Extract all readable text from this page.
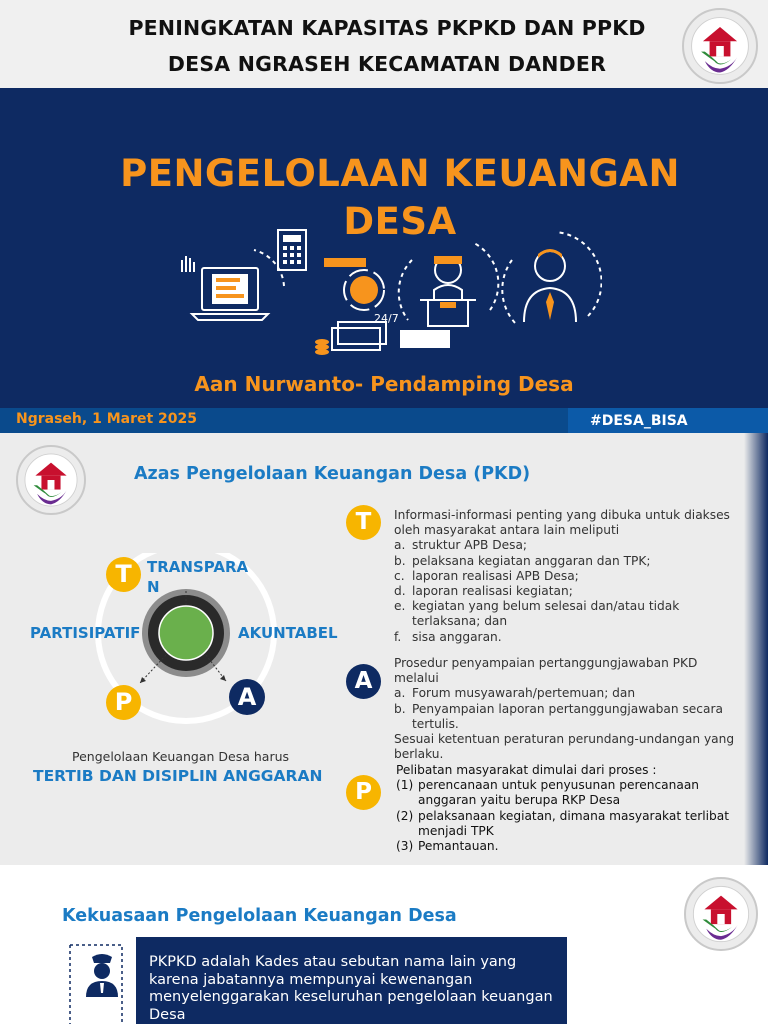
PENINGKATAN KAPASITAS PKPKD DAN PPKD
DESA NGRASEH KECAMATAN DANDER
PENGELOLAAN KEUANGAN
DESA
24/7
Aan Nurwanto- Pendamping Desa
Ngraseh, 1 Maret 2025	#DESA_BISA
Azas Pengelolaan Keuangan Desa (PKD)
T
P	A
TRANSPARA
N
PARTISIPATIF	AKUNTABEL
Pengelolaan Keuangan Desa harus
TERTIB DAN DISIPLIN ANGGARAN
T	Informasi-informasi penting yang dibuka untuk diakses oleh masyarakat antara lain meliputi
a. struktur APB Desa;
b. pelaksana kegiatan anggaran dan TPK;
c. laporan realisasi APB Desa;
d. laporan realisasi kegiatan;
e. kegiatan yang belum selesai dan/atau tidak terlaksana; dan
f. sisa anggaran.
A
Prosedur penyampaian pertanggungjawaban PKD melalui
a. Forum musyawarah/pertemuan; dan
b. Penyampaian laporan pertanggungjawaban secara tertulis.
Sesuai ketentuan peraturan perundang-undangan yang berlaku.
P
Pelibatan masyarakat dimulai dari proses :
(1) perencanaan untuk penyusunan perencanaan anggaran yaitu berupa RKP Desa
(2) pelaksanaan kegiatan, dimana masyarakat terlibat menjadi TPK
(3) Pemantauan.
Kekuasaan Pengelolaan Keuangan Desa
PKPKD adalah Kades atau sebutan nama lain yang karena jabatannya mempunyai kewenangan menyelenggarakan keseluruhan pengelolaan keuangan Desa
